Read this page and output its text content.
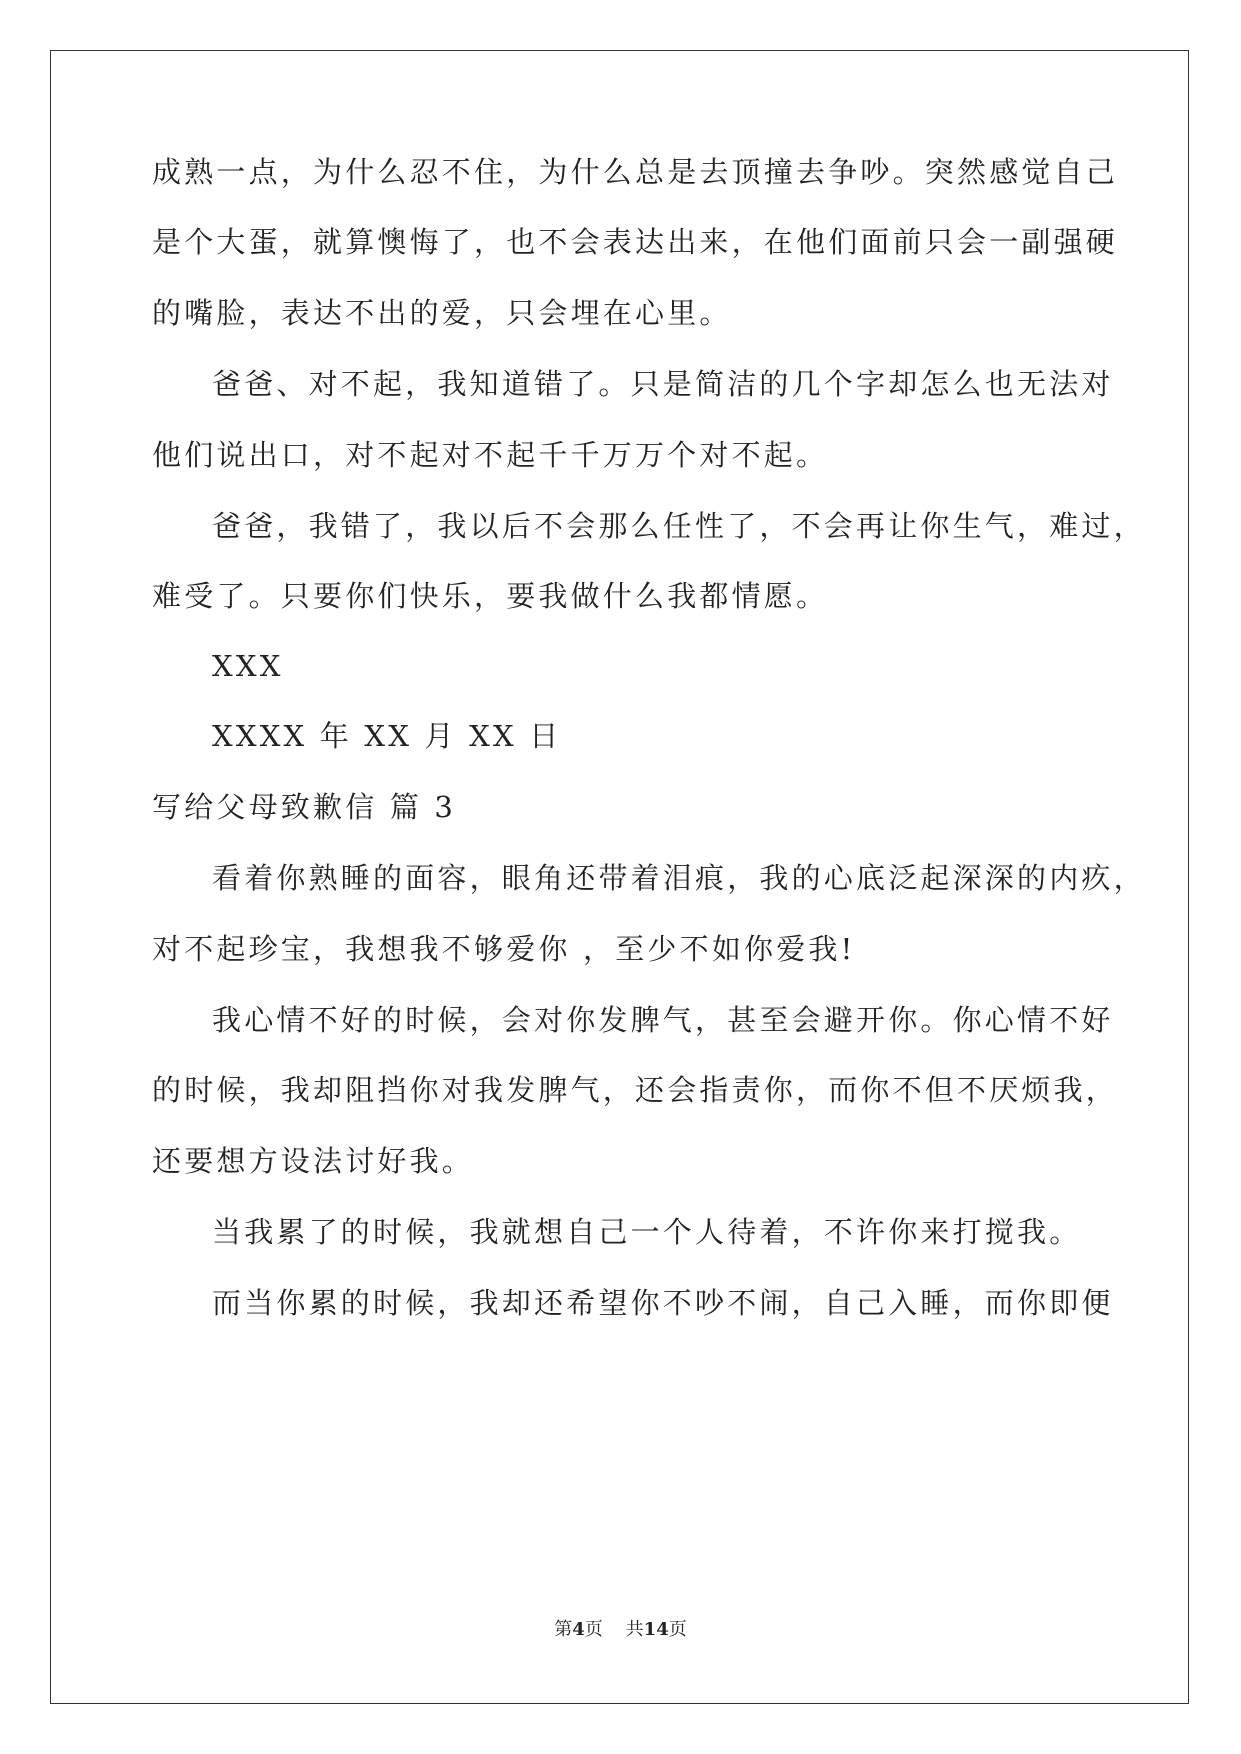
成熟一点，为什么忍不住，为什么总是去顶撞去争吵。突然感觉自己
是个大蛋，就算懊悔了，也不会表达出来，在他们面前只会一副强硬
的嘴脸，表达不出的爱，只会埋在心里。
爸爸、对不起，我知道错了。只是简洁的几个字却怎么也无法对
他们说出口，对不起对不起千千万万个对不起。
爸爸，我错了，我以后不会那么任性了，不会再让你生气，难过，
难受了。只要你们快乐，要我做什么我都情愿。
XXX
XXXX 年 XX 月 XX 日
写给父母致歉信 篇 3
看着你熟睡的面容，眼角还带着泪痕，我的心底泛起深深的内疚，
对不起珍宝，我想我不够爱你 ，至少不如你爱我!
我心情不好的时候，会对你发脾气，甚至会避开你。你心情不好
的时候，我却阻挡你对我发脾气，还会指责你，而你不但不厌烦我，
还要想方设法讨好我。
当我累了的时候，我就想自己一个人待着，不许你来打搅我。
而当你累的时候，我却还希望你不吵不闹，自己入睡，而你即便
第4页 共14页
